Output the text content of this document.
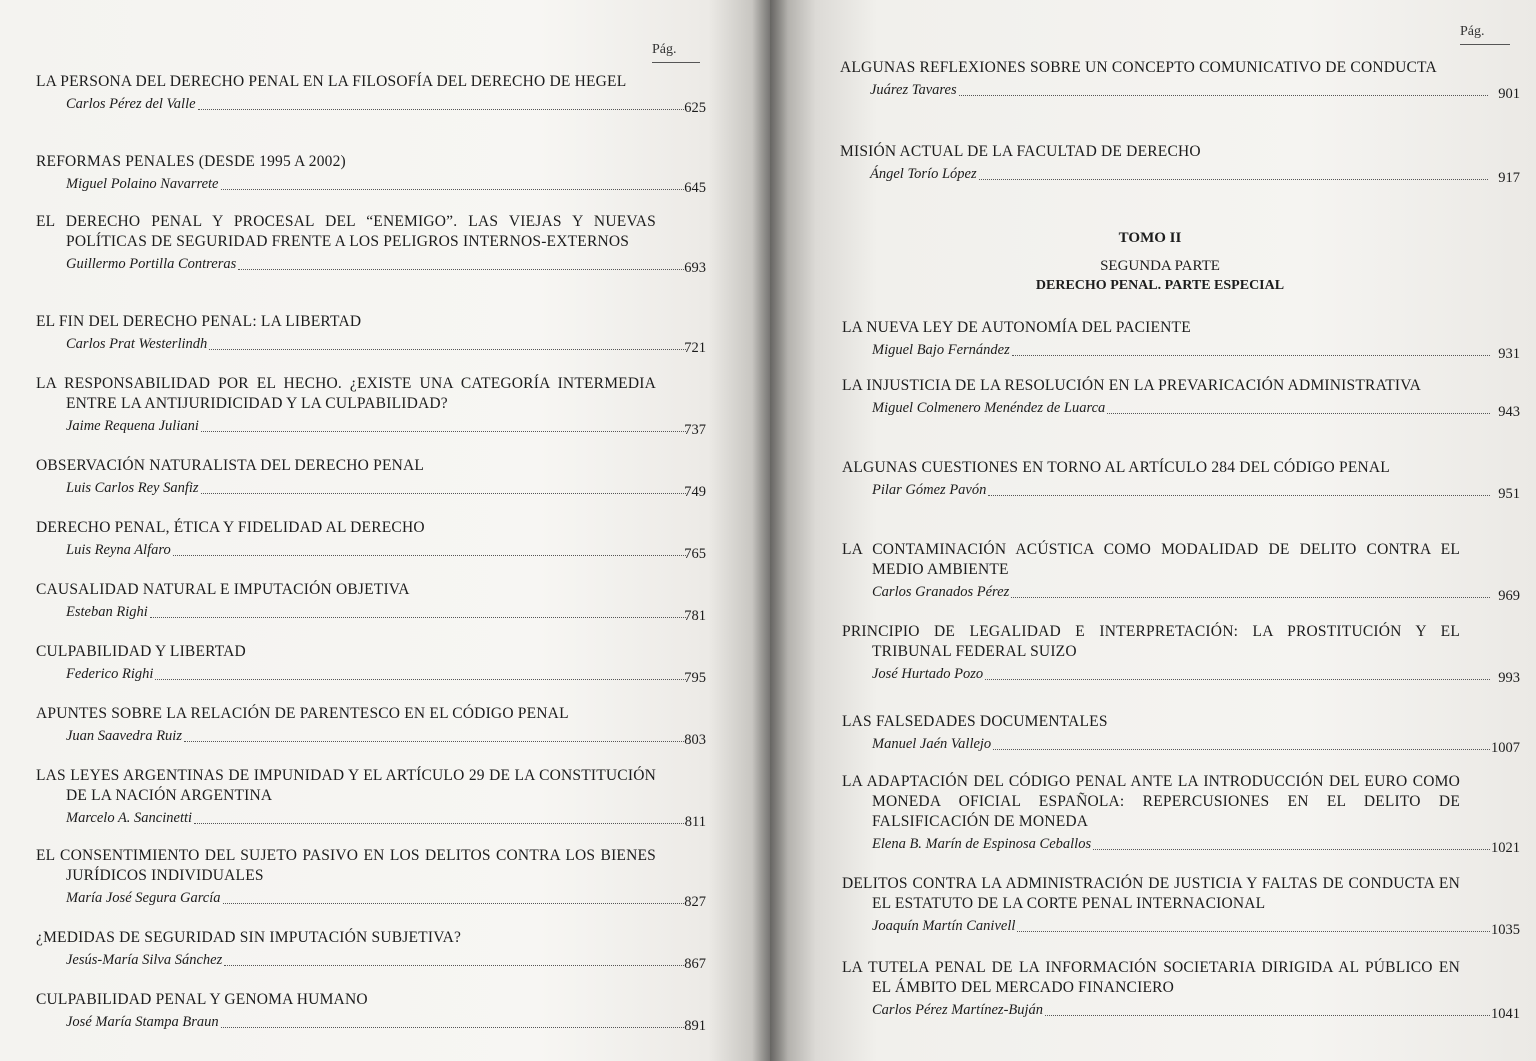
Pág.
LA PERSONA DEL DERECHO PENAL EN LA FILOSOFÍA DEL DERECHO DE HEGEL
Carlos Pérez del Valle	625
REFORMAS PENALES (DESDE 1995 A 2002)
Miguel Polaino Navarrete	645
EL DERECHO PENAL Y PROCESAL DEL “ENEMIGO”. LAS VIEJAS Y NUEVAS POLÍTICAS DE SEGURIDAD FRENTE A LOS PELIGROS INTERNOS-EXTERNOS
Guillermo Portilla Contreras	693
EL FIN DEL DERECHO PENAL: LA LIBERTAD
Carlos Prat Westerlindh	721
LA RESPONSABILIDAD POR EL HECHO. ¿EXISTE UNA CATEGORÍA INTERMEDIA ENTRE LA ANTIJURIDICIDAD Y LA CULPABILIDAD?
Jaime Requena Juliani	737
OBSERVACIÓN NATURALISTA DEL DERECHO PENAL
Luis Carlos Rey Sanfiz	749
DERECHO PENAL, ÉTICA Y FIDELIDAD AL DERECHO
Luis Reyna Alfaro	765
CAUSALIDAD NATURAL E IMPUTACIÓN OBJETIVA
Esteban Righi	781
CULPABILIDAD Y LIBERTAD
Federico Righi	795
APUNTES SOBRE LA RELACIÓN DE PARENTESCO EN EL CÓDIGO PENAL
Juan Saavedra Ruiz	803
LAS LEYES ARGENTINAS DE IMPUNIDAD Y EL ARTÍCULO 29 DE LA CONSTITUCIÓN DE LA NACIÓN ARGENTINA
Marcelo A. Sancinetti	811
EL CONSENTIMIENTO DEL SUJETO PASIVO EN LOS DELITOS CONTRA LOS BIENES JURÍDICOS INDIVIDUALES
María José Segura García	827
¿MEDIDAS DE SEGURIDAD SIN IMPUTACIÓN SUBJETIVA?
Jesús-María Silva Sánchez	867
CULPABILIDAD PENAL Y GENOMA HUMANO
José María Stampa Braun	891
Pág.
ALGUNAS REFLEXIONES SOBRE UN CONCEPTO COMUNICATIVO DE CONDUCTA
Juárez Tavares	901
MISIÓN ACTUAL DE LA FACULTAD DE DERECHO
Ángel Torío López	917
TOMO II
SEGUNDA PARTE
DERECHO PENAL. PARTE ESPECIAL
LA NUEVA LEY DE AUTONOMÍA DEL PACIENTE
Miguel Bajo Fernández	931
LA INJUSTICIA DE LA RESOLUCIÓN EN LA PREVARICACIÓN ADMINISTRATIVA
Miguel Colmenero Menéndez de Luarca	943
ALGUNAS CUESTIONES EN TORNO AL ARTÍCULO 284 DEL CÓDIGO PENAL
Pilar Gómez Pavón	951
LA CONTAMINACIÓN ACÚSTICA COMO MODALIDAD DE DELITO CONTRA EL MEDIO AMBIENTE
Carlos Granados Pérez	969
PRINCIPIO DE LEGALIDAD E INTERPRETACIÓN: LA PROSTITUCIÓN Y EL TRIBUNAL FEDERAL SUIZO
José Hurtado Pozo	993
LAS FALSEDADES DOCUMENTALES
Manuel Jaén Vallejo	1007
LA ADAPTACIÓN DEL CÓDIGO PENAL ANTE LA INTRODUCCIÓN DEL EURO COMO MONEDA OFICIAL ESPAÑOLA: REPERCUSIONES EN EL DELITO DE FALSIFICACIÓN DE MONEDA
Elena B. Marín de Espinosa Ceballos	1021
DELITOS CONTRA LA ADMINISTRACIÓN DE JUSTICIA Y FALTAS DE CONDUCTA EN EL ESTATUTO DE LA CORTE PENAL INTERNACIONAL
Joaquín Martín Canivell	1035
LA TUTELA PENAL DE LA INFORMACIÓN SOCIETARIA DIRIGIDA AL PÚBLICO EN EL ÁMBITO DEL MERCADO FINANCIERO
Carlos Pérez Martínez-Buján	1041
